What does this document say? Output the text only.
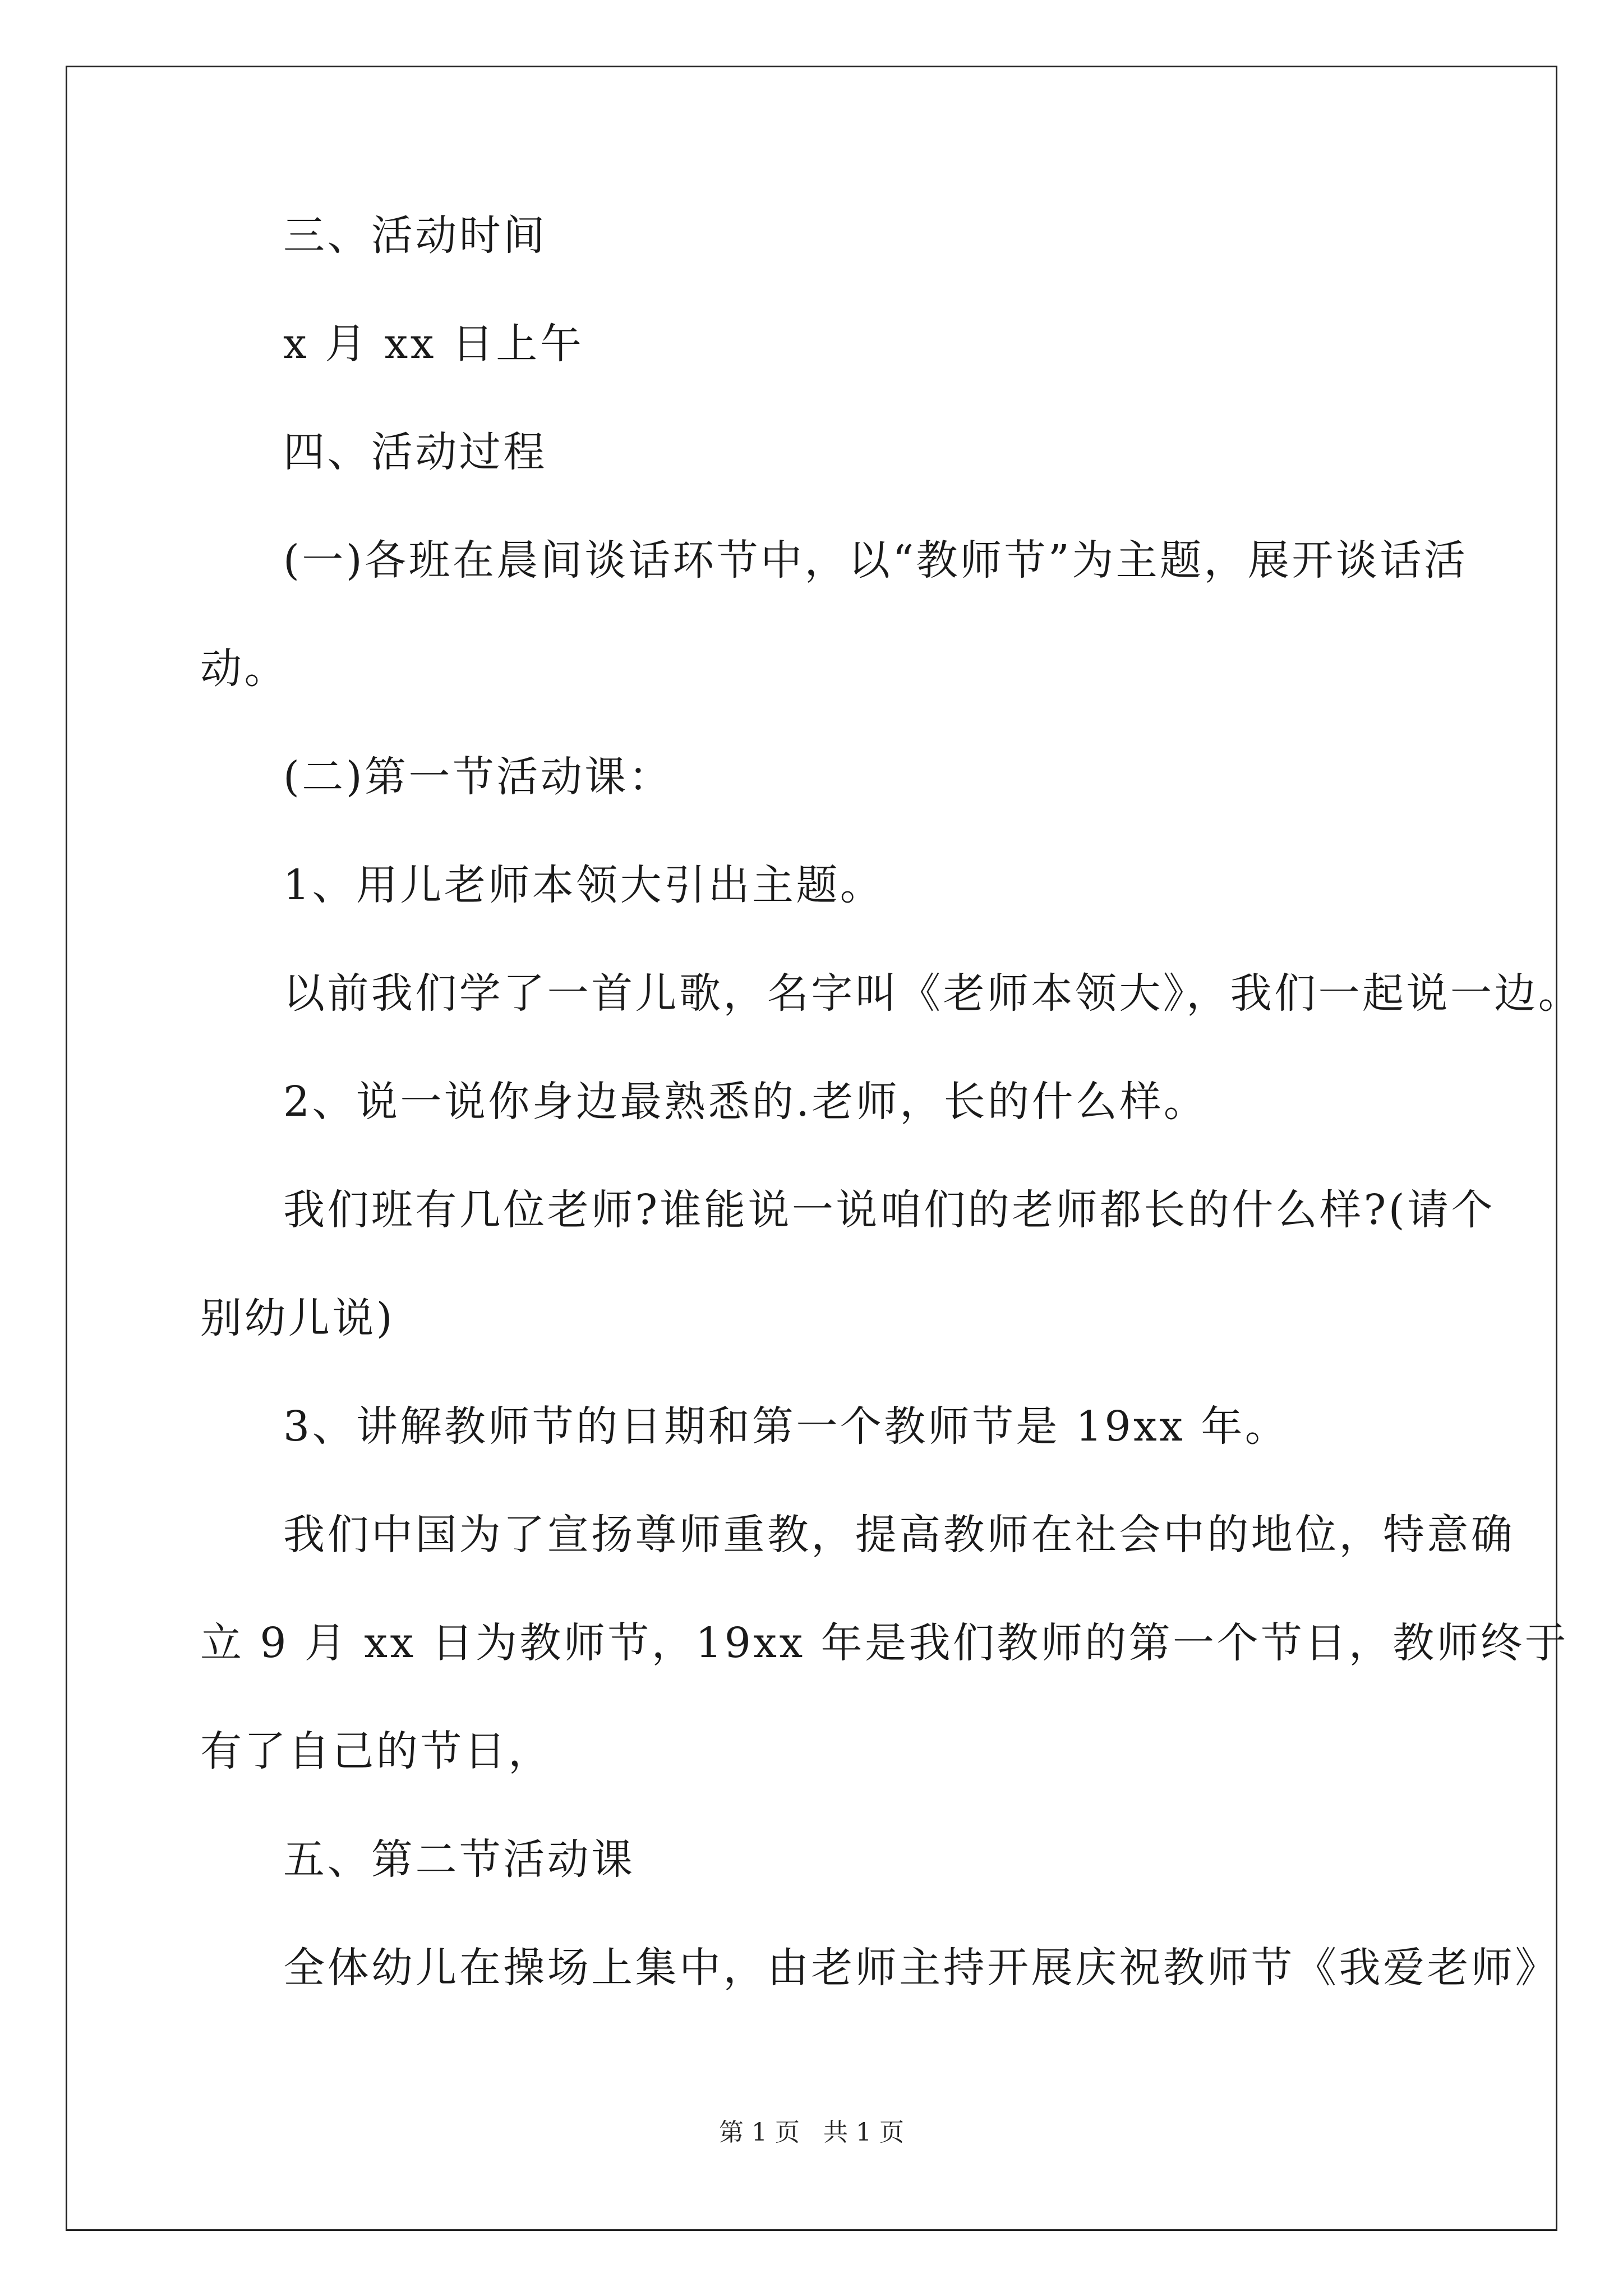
三、活动时间
x 月 xx 日上午
四、活动过程
(一)各班在晨间谈话环节中，以“教师节”为主题，展开谈话活
动。
(二)第一节活动课：
1、用儿老师本领大引出主题。
以前我们学了一首儿歌，名字叫《老师本领大》，我们一起说一边。
2、说一说你身边最熟悉的.老师，长的什么样。
我们班有几位老师?谁能说一说咱们的老师都长的什么样?(请个
别幼儿说)
3、讲解教师节的日期和第一个教师节是 19xx 年。
我们中国为了宣扬尊师重教，提高教师在社会中的地位，特意确
立 9 月 xx 日为教师节，19xx 年是我们教师的第一个节日，教师终于
有了自己的节日，
五、第二节活动课
全体幼儿在操场上集中，由老师主持开展庆祝教师节《我爱老师》
第 1 页   共 1 页
